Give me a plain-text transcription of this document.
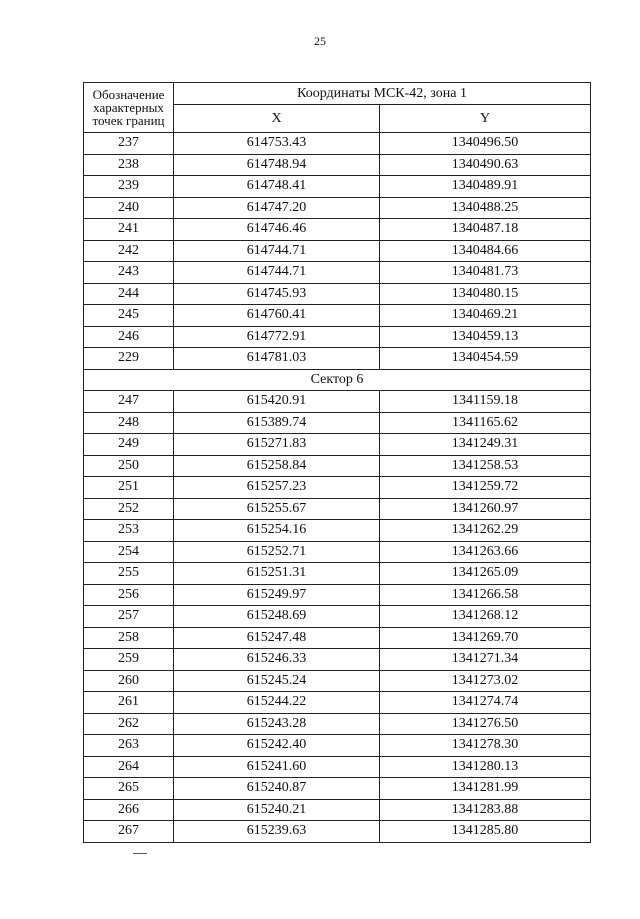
25
Обозначение
характерных
точек границ	Координаты МСК-42, зона 1	
	X	Y
237	614753.43	1340496.50
238	614748.94	1340490.63
239	614748.41	1340489.91
240	614747.20	1340488.25
241	614746.46	1340487.18
242	614744.71	1340484.66
243	614744.71	1340481.73
244	614745.93	1340480.15
245	614760.41	1340469.21
246	614772.91	1340459.13
229	614781.03	1340454.59
Сектор 6		
247	615420.91	1341159.18
248	615389.74	1341165.62
249	615271.83	1341249.31
250	615258.84	1341258.53
251	615257.23	1341259.72
252	615255.67	1341260.97
253	615254.16	1341262.29
254	615252.71	1341263.66
255	615251.31	1341265.09
256	615249.97	1341266.58
257	615248.69	1341268.12
258	615247.48	1341269.70
259	615246.33	1341271.34
260	615245.24	1341273.02
261	615244.22	1341274.74
262	615243.28	1341276.50
263	615242.40	1341278.30
264	615241.60	1341280.13
265	615240.87	1341281.99
266	615240.21	1341283.88
267	615239.63	1341285.80
